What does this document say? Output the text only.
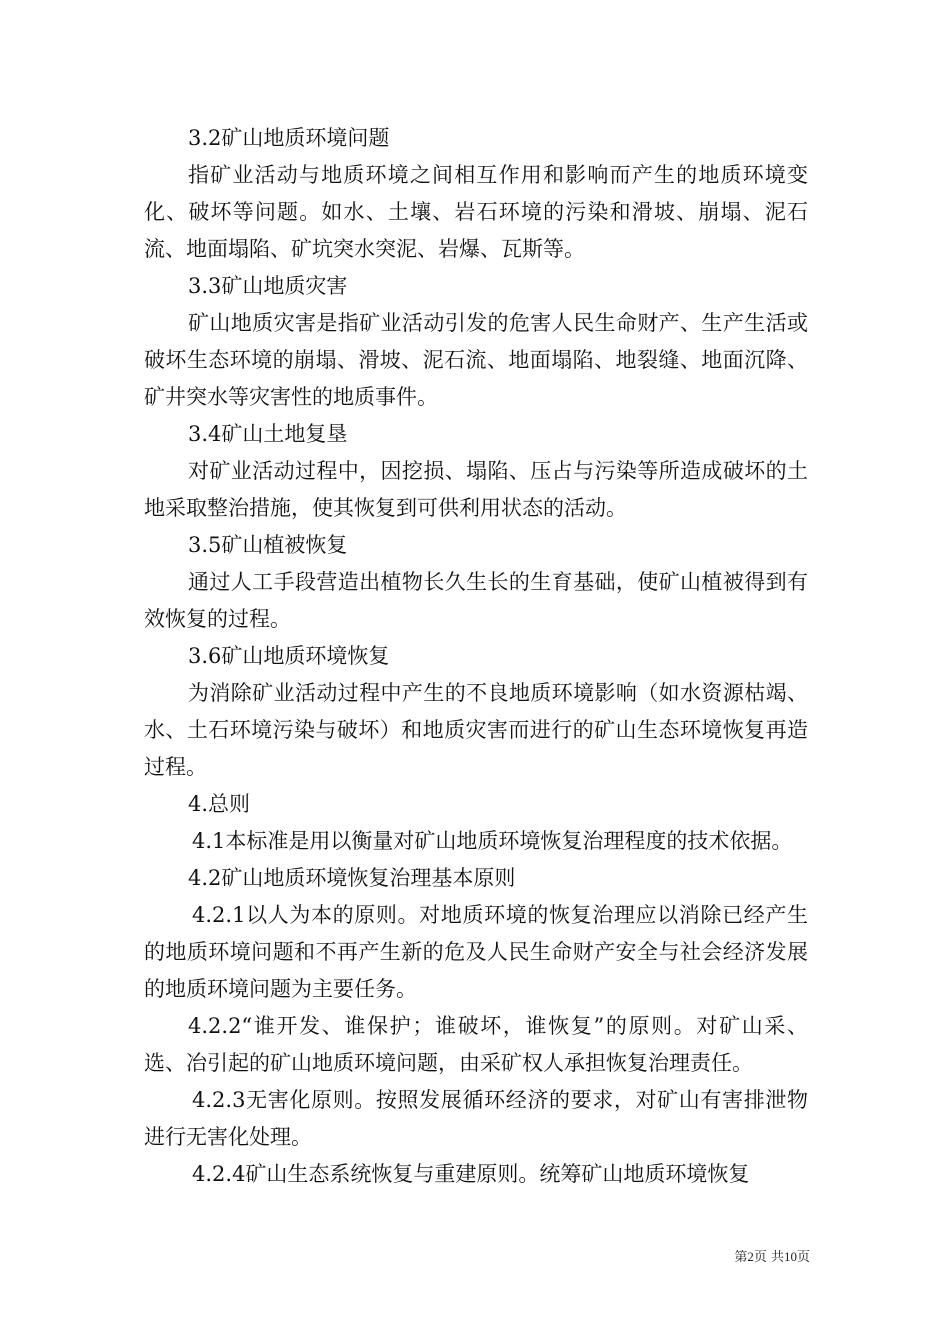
3.2矿山地质环境问题

指矿业活动与地质环境之间相互作用和影响而产生的地质环境变化、破坏等问题。如水、土壤、岩石环境的污染和滑坡、崩塌、泥石流、地面塌陷、矿坑突水突泥、岩爆、瓦斯等。

3.3矿山地质灾害

矿山地质灾害是指矿业活动引发的危害人民生命财产、生产生活或破坏生态环境的崩塌、滑坡、泥石流、地面塌陷、地裂缝、地面沉降、矿井突水等灾害性的地质事件。

3.4矿山土地复垦

对矿业活动过程中，因挖损、塌陷、压占与污染等所造成破坏的土地采取整治措施，使其恢复到可供利用状态的活动。

3.5矿山植被恢复

通过人工手段营造出植物长久生长的生育基础，使矿山植被得到有效恢复的过程。

3.6矿山地质环境恢复

为消除矿业活动过程中产生的不良地质环境影响（如水资源枯竭、水、土石环境污染与破坏）和地质灾害而进行的矿山生态环境恢复再造过程。

4.总则

4.1本标准是用以衡量对矿山地质环境恢复治理程度的技术依据。

4.2矿山地质环境恢复治理基本原则

4.2.1以人为本的原则。对地质环境的恢复治理应以消除已经产生的地质环境问题和不再产生新的危及人民生命财产安全与社会经济发展的地质环境问题为主要任务。

4.2.2“谁开发、谁保护；谁破坏，谁恢复”的原则。对矿山采、选、冶引起的矿山地质环境问题，由采矿权人承担恢复治理责任。

4.2.3无害化原则。按照发展循环经济的要求，对矿山有害排泄物进行无害化处理。

4.2.4矿山生态系统恢复与重建原则。统筹矿山地质环境恢复

第2页 共10页
